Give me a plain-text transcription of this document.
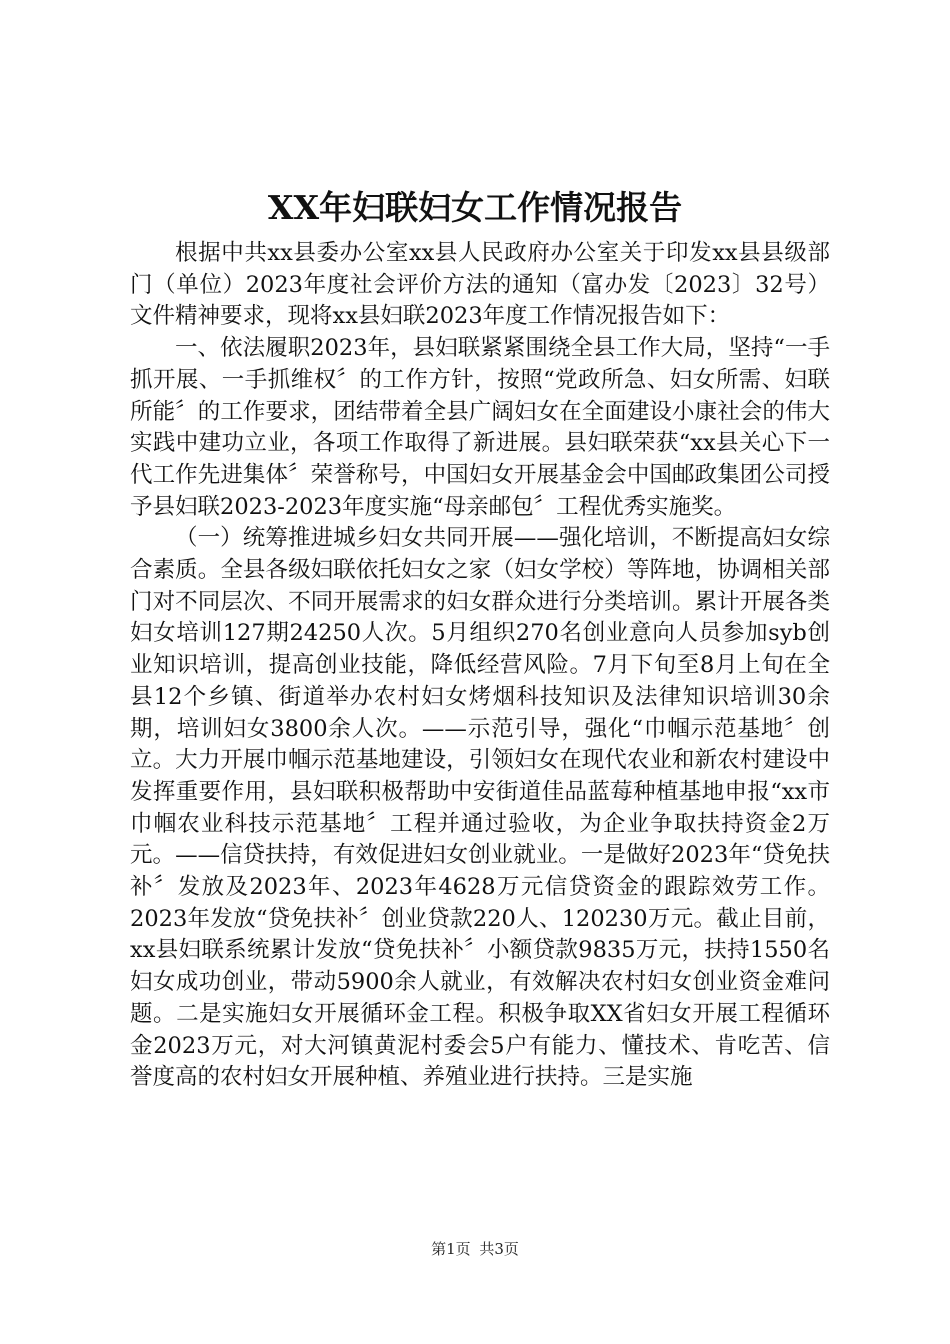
XX年妇联妇女工作情况报告

根据中共xx县委办公室xx县人民政府办公室关于印发xx县县级部门（单位）2023年度社会评价方法的通知（富办发〔2023〕32号）文件精神要求，现将xx县妇联2023年度工作情况报告如下：

一、依法履职2023年，县妇联紧紧围绕全县工作大局，坚持“一手抓开展、一手抓维权〞的工作方针，按照“党政所急、妇女所需、妇联所能〞的工作要求，团结带着全县广阔妇女在全面建设小康社会的伟大实践中建功立业，各项工作取得了新进展。县妇联荣获“xx县关心下一代工作先进集体〞荣誉称号，中国妇女开展基金会中国邮政集团公司授予县妇联2023-2023年度实施“母亲邮包〞工程优秀实施奖。

（一）统筹推进城乡妇女共同开展——强化培训，不断提高妇女综合素质。全县各级妇联依托妇女之家（妇女学校）等阵地，协调相关部门对不同层次、不同开展需求的妇女群众进行分类培训。累计开展各类妇女培训127期24250人次。5月组织270名创业意向人员参加syb创业知识培训，提高创业技能，降低经营风险。7月下旬至8月上旬在全县12个乡镇、街道举办农村妇女烤烟科技知识及法律知识培训30余期，培训妇女3800余人次。——示范引导，强化“巾帼示范基地〞创立。大力开展巾帼示范基地建设，引领妇女在现代农业和新农村建设中发挥重要作用，县妇联积极帮助中安街道佳品蓝莓种植基地申报“xx市巾帼农业科技示范基地〞工程并通过验收，为企业争取扶持资金2万元。——信贷扶持，有效促进妇女创业就业。一是做好2023年“贷免扶补〞发放及2023年、2023年4628万元信贷资金的跟踪效劳工作。2023年发放“贷免扶补〞创业贷款220人、120230万元。截止目前，xx县妇联系统累计发放“贷免扶补〞小额贷款9835万元，扶持1550名妇女成功创业，带动5900余人就业，有效解决农村妇女创业资金难问题。二是实施妇女开展循环金工程。积极争取XX省妇女开展工程循环金2023万元，对大河镇黄泥村委会5户有能力、懂技术、肯吃苦、信誉度高的农村妇女开展种植、养殖业进行扶持。三是实施

第1页 共3页
